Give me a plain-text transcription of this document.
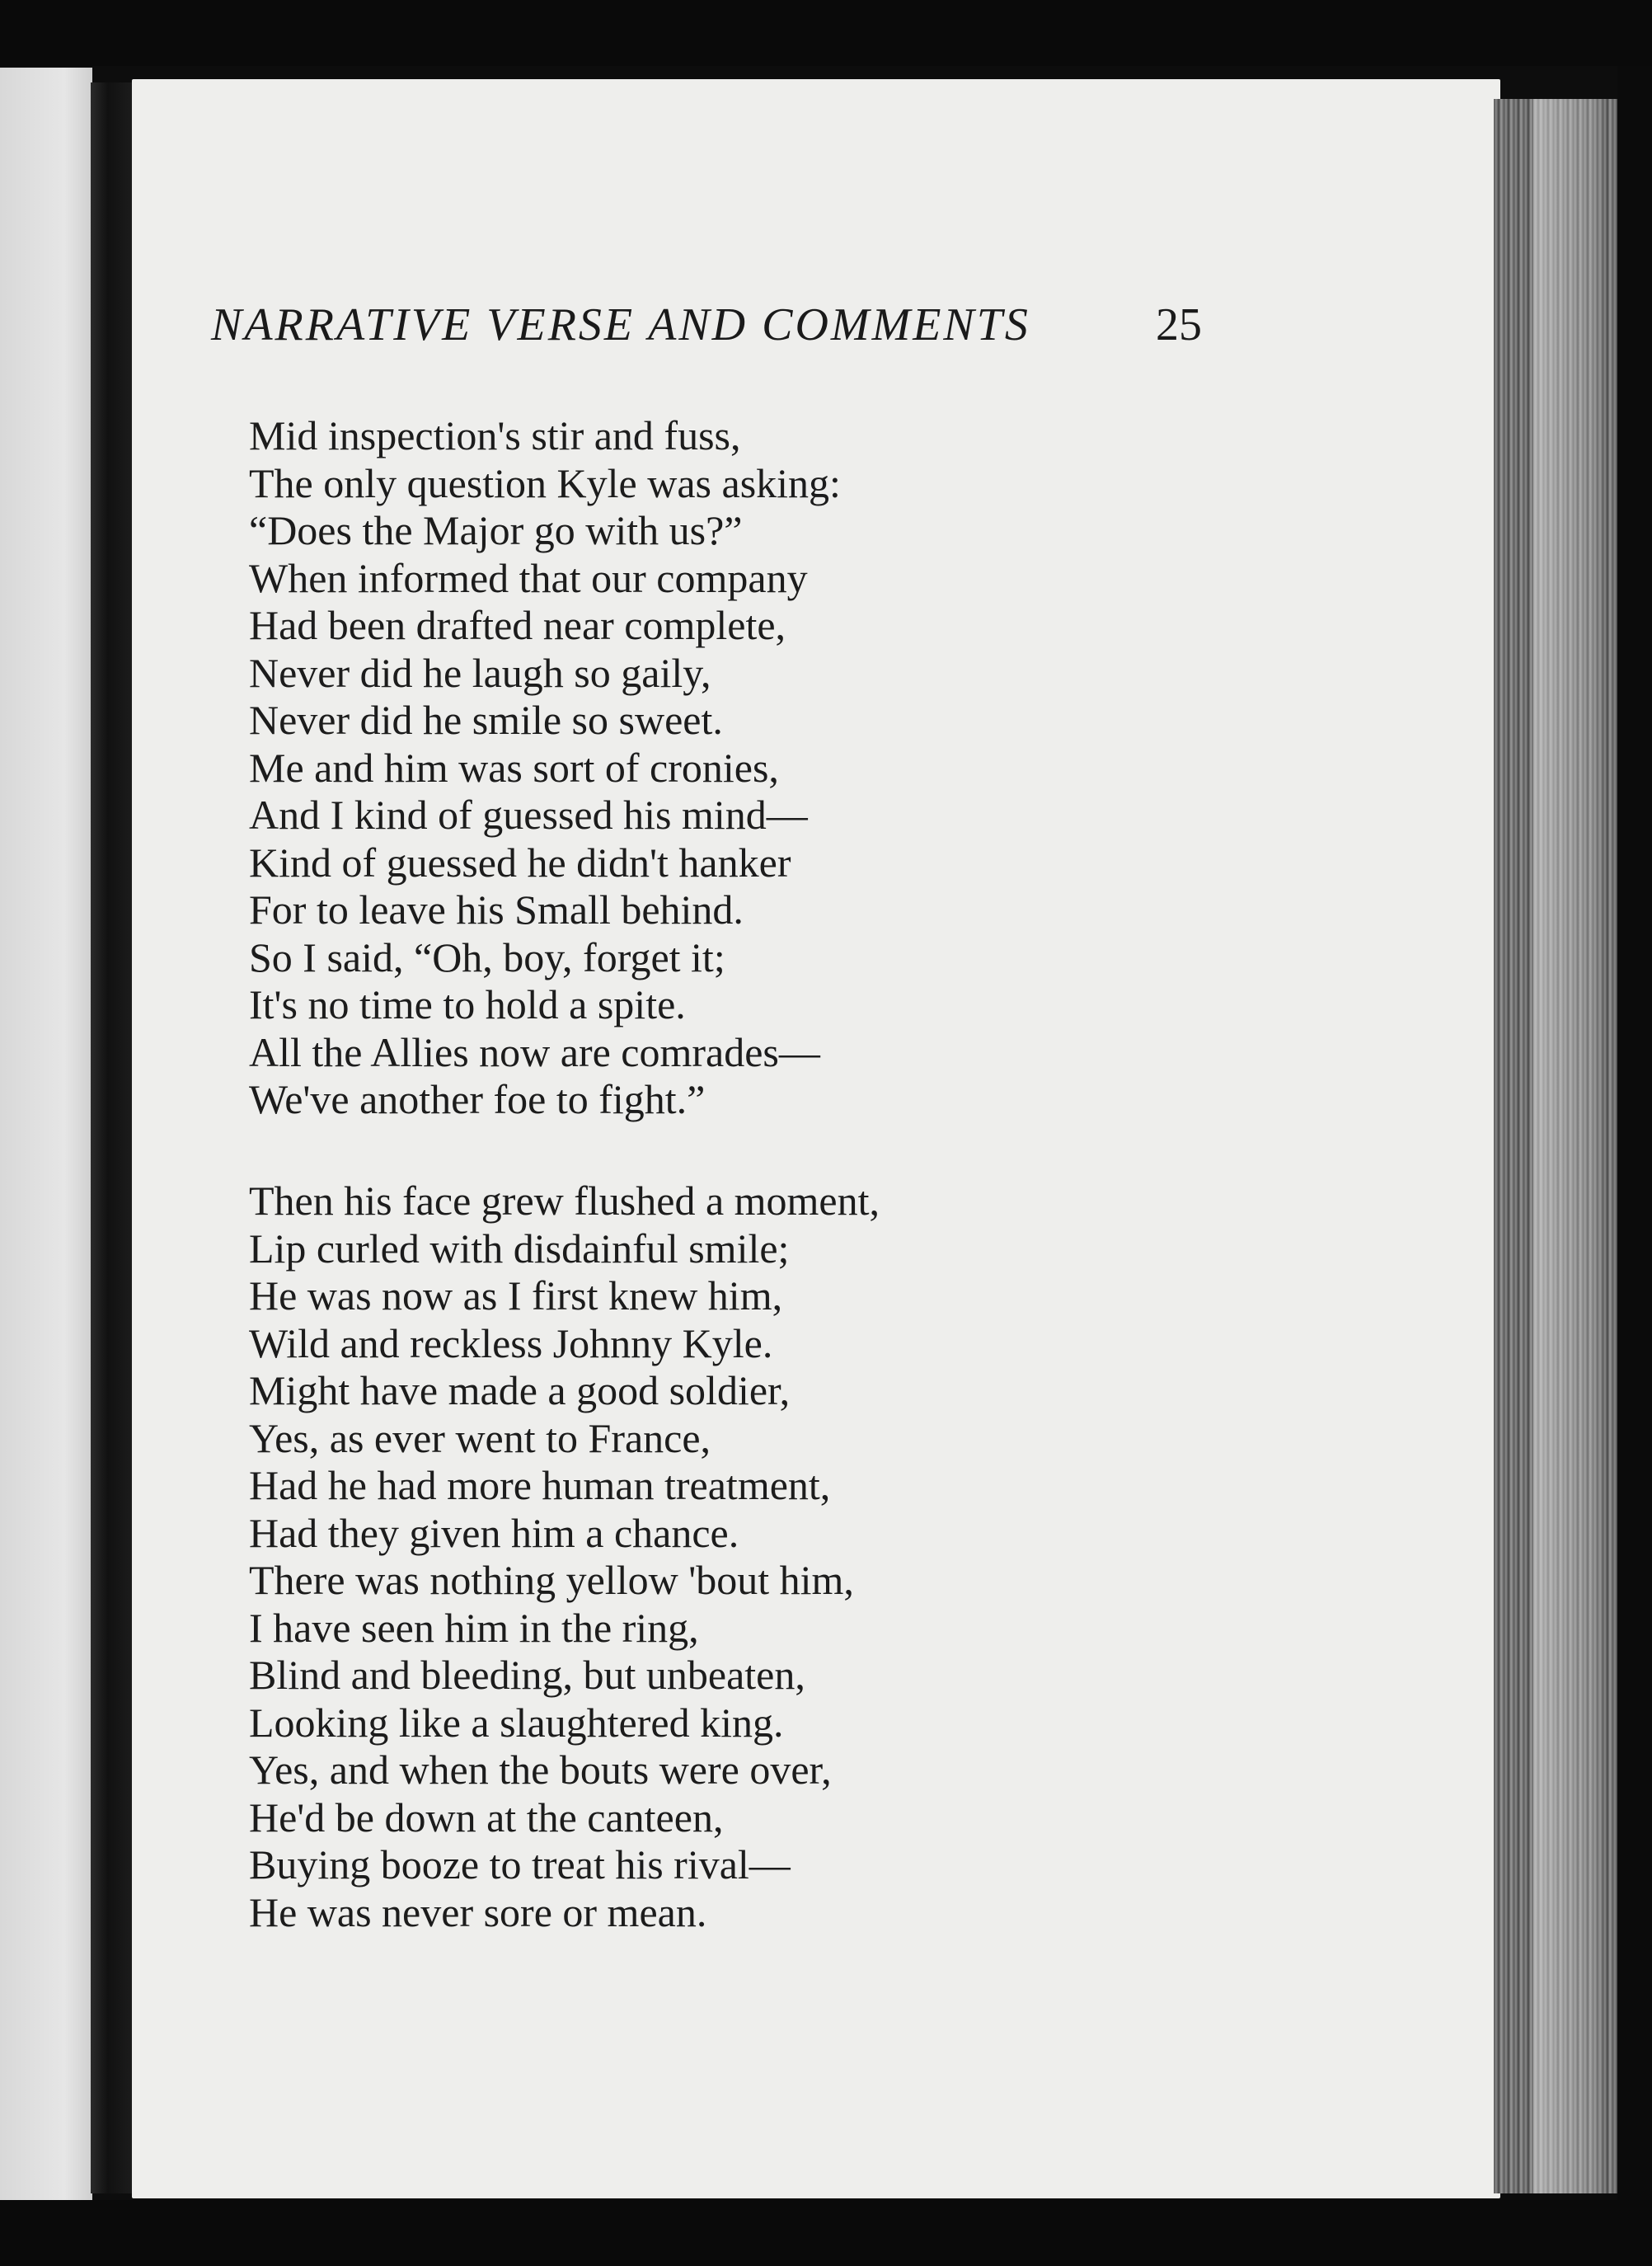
NARRATIVE VERSE AND COMMENTS	25
Mid inspection's stir and fuss,
The only question Kyle was asking:
“Does the Major go with us?”
When informed that our company
Had been drafted near complete,
Never did he laugh so gaily,
Never did he smile so sweet.
Me and him was sort of cronies,
And I kind of guessed his mind—
Kind of guessed he didn't hanker
For to leave his Small behind.
So I said, “Oh, boy, forget it;
It's no time to hold a spite.
All the Allies now are comrades—
We've another foe to fight.”
Then his face grew flushed a moment,
Lip curled with disdainful smile;
He was now as I first knew him,
Wild and reckless Johnny Kyle.
Might have made a good soldier,
Yes, as ever went to France,
Had he had more human treatment,
Had they given him a chance.
There was nothing yellow 'bout him,
I have seen him in the ring,
Blind and bleeding, but unbeaten,
Looking like a slaughtered king.
Yes, and when the bouts were over,
He'd be down at the canteen,
Buying booze to treat his rival—
He was never sore or mean.
